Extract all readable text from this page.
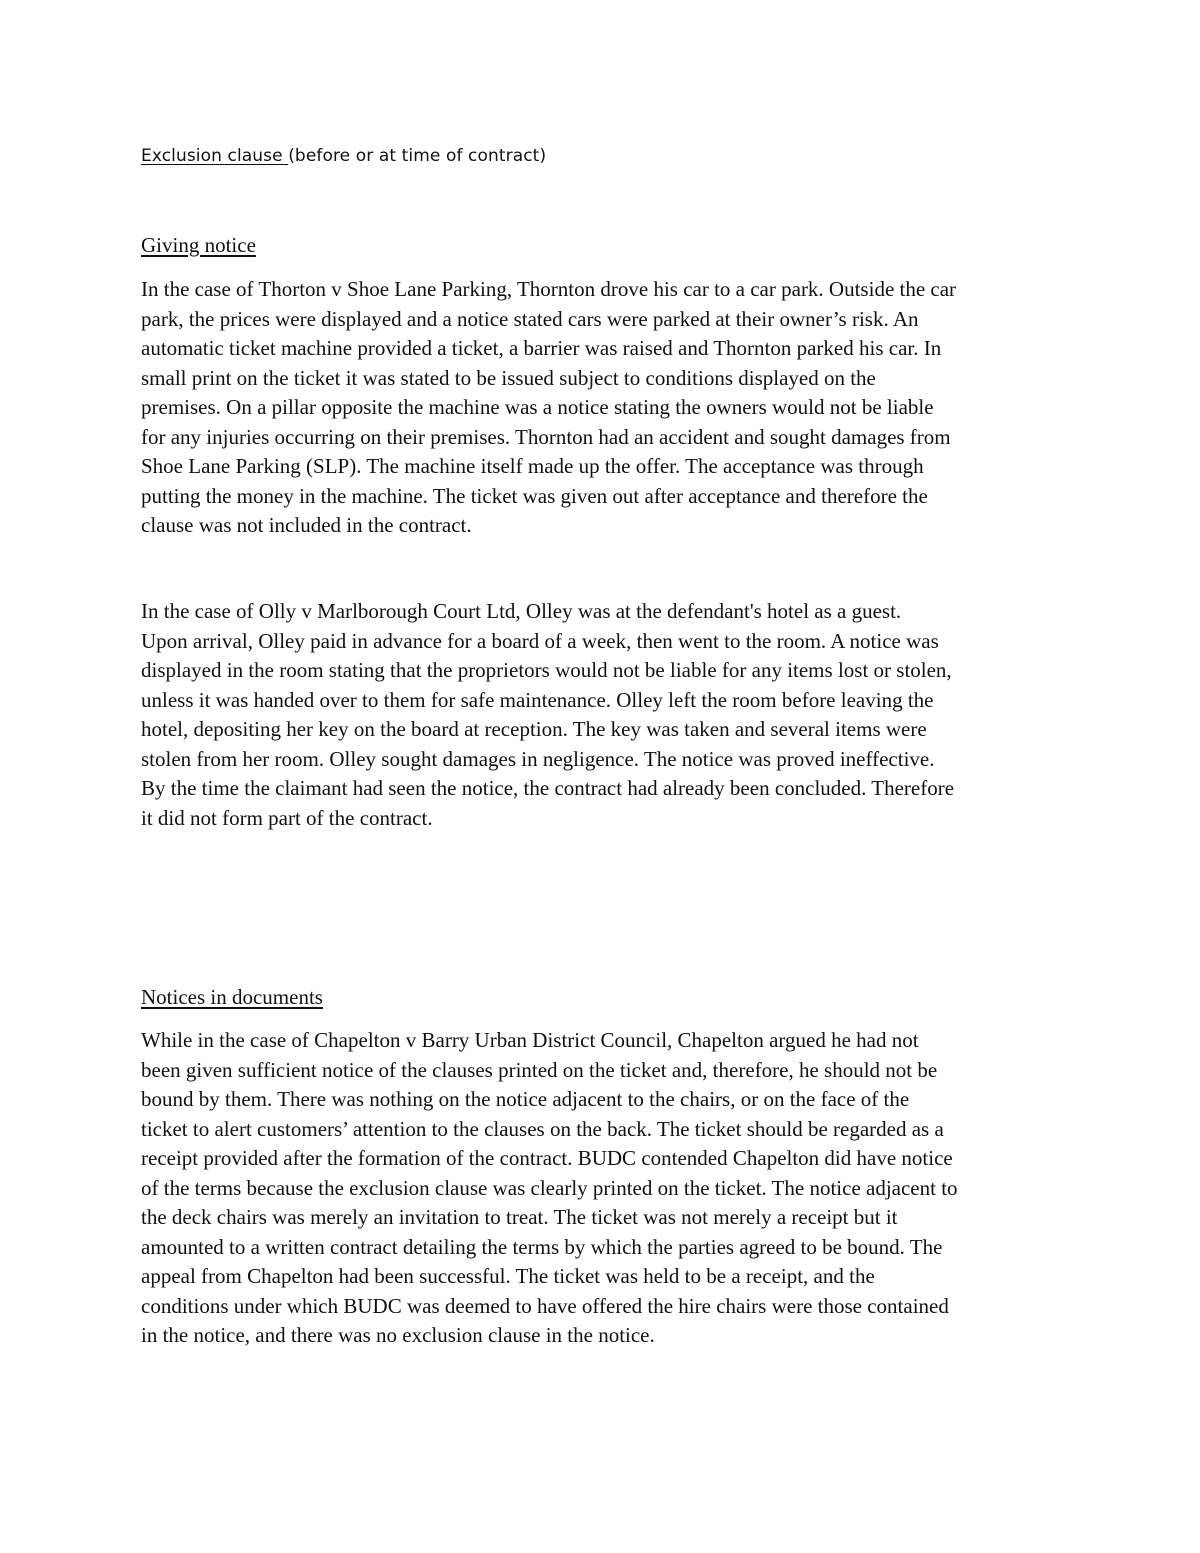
Exclusion clause (before or at time of contract)
Giving notice
In the case of Thorton v Shoe Lane Parking, Thornton drove his car to a car park. Outside the car
park, the prices were displayed and a notice stated cars were parked at their owner’s risk. An
automatic ticket machine provided a ticket, a barrier was raised and Thornton parked his car. In
small print on the ticket it was stated to be issued subject to conditions displayed on the
premises. On a pillar opposite the machine was a notice stating the owners would not be liable
for any injuries occurring on their premises. Thornton had an accident and sought damages from
Shoe Lane Parking (SLP). The machine itself made up the offer. The acceptance was through
putting the money in the machine. The ticket was given out after acceptance and therefore the
clause was not included in the contract.
In the case of Olly v Marlborough Court Ltd, Olley was at the defendant's hotel as a guest.
Upon arrival, Olley paid in advance for a board of a week, then went to the room. A notice was
displayed in the room stating that the proprietors would not be liable for any items lost or stolen,
unless it was handed over to them for safe maintenance. Olley left the room before leaving the
hotel, depositing her key on the board at reception. The key was taken and several items were
stolen from her room. Olley sought damages in negligence. The notice was proved ineffective.
By the time the claimant had seen the notice, the contract had already been concluded. Therefore
it did not form part of the contract.
Notices in documents
While in the case of Chapelton v Barry Urban District Council, Chapelton argued he had not
been given sufficient notice of the clauses printed on the ticket and, therefore, he should not be
bound by them. There was nothing on the notice adjacent to the chairs, or on the face of the
ticket to alert customers’ attention to the clauses on the back. The ticket should be regarded as a
receipt provided after the formation of the contract. BUDC contended Chapelton did have notice
of the terms because the exclusion clause was clearly printed on the ticket. The notice adjacent to
the deck chairs was merely an invitation to treat. The ticket was not merely a receipt but it
amounted to a written contract detailing the terms by which the parties agreed to be bound. The
appeal from Chapelton had been successful. The ticket was held to be a receipt, and the
conditions under which BUDC was deemed to have offered the hire chairs were those contained
in the notice, and there was no exclusion clause in the notice.
